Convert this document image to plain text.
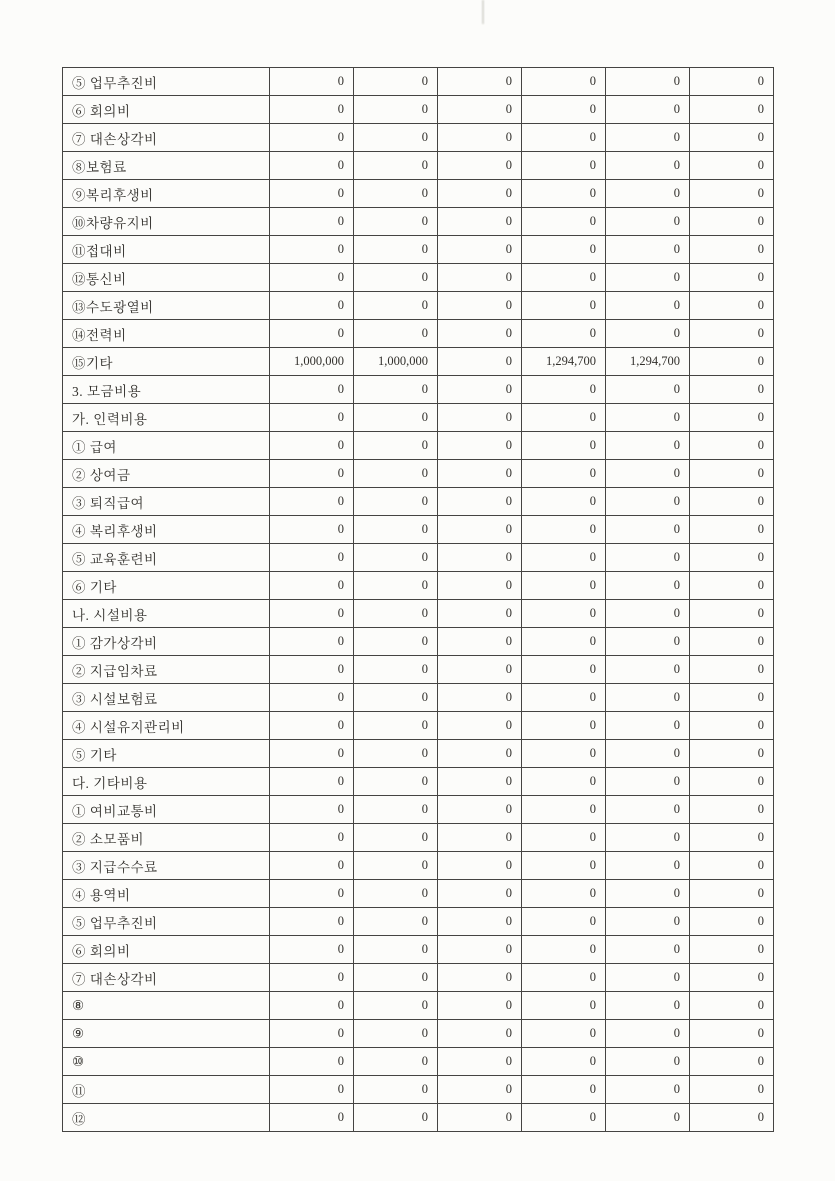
⑤ 업무추진비	0	0	0	0	0	0
⑥ 회의비	0	0	0	0	0	0
⑦ 대손상각비	0	0	0	0	0	0
⑧보험료	0	0	0	0	0	0
⑨복리후생비	0	0	0	0	0	0
⑩차량유지비	0	0	0	0	0	0
⑪접대비	0	0	0	0	0	0
⑫통신비	0	0	0	0	0	0
⑬수도광열비	0	0	0	0	0	0
⑭전력비	0	0	0	0	0	0
⑮기타	1,000,000	1,000,000	0	1,294,700	1,294,700	0
3. 모금비용	0	0	0	0	0	0
가. 인력비용	0	0	0	0	0	0
① 급여	0	0	0	0	0	0
② 상여금	0	0	0	0	0	0
③ 퇴직급여	0	0	0	0	0	0
④ 복리후생비	0	0	0	0	0	0
⑤ 교육훈련비	0	0	0	0	0	0
⑥ 기타	0	0	0	0	0	0
나. 시설비용	0	0	0	0	0	0
① 감가상각비	0	0	0	0	0	0
② 지급임차료	0	0	0	0	0	0
③ 시설보험료	0	0	0	0	0	0
④ 시설유지관리비	0	0	0	0	0	0
⑤ 기타	0	0	0	0	0	0
다. 기타비용	0	0	0	0	0	0
① 여비교통비	0	0	0	0	0	0
② 소모품비	0	0	0	0	0	0
③ 지급수수료	0	0	0	0	0	0
④ 용역비	0	0	0	0	0	0
⑤ 업무추진비	0	0	0	0	0	0
⑥ 회의비	0	0	0	0	0	0
⑦ 대손상각비	0	0	0	0	0	0
⑧	0	0	0	0	0	0
⑨	0	0	0	0	0	0
⑩	0	0	0	0	0	0
⑪	0	0	0	0	0	0
⑫	0	0	0	0	0	0
